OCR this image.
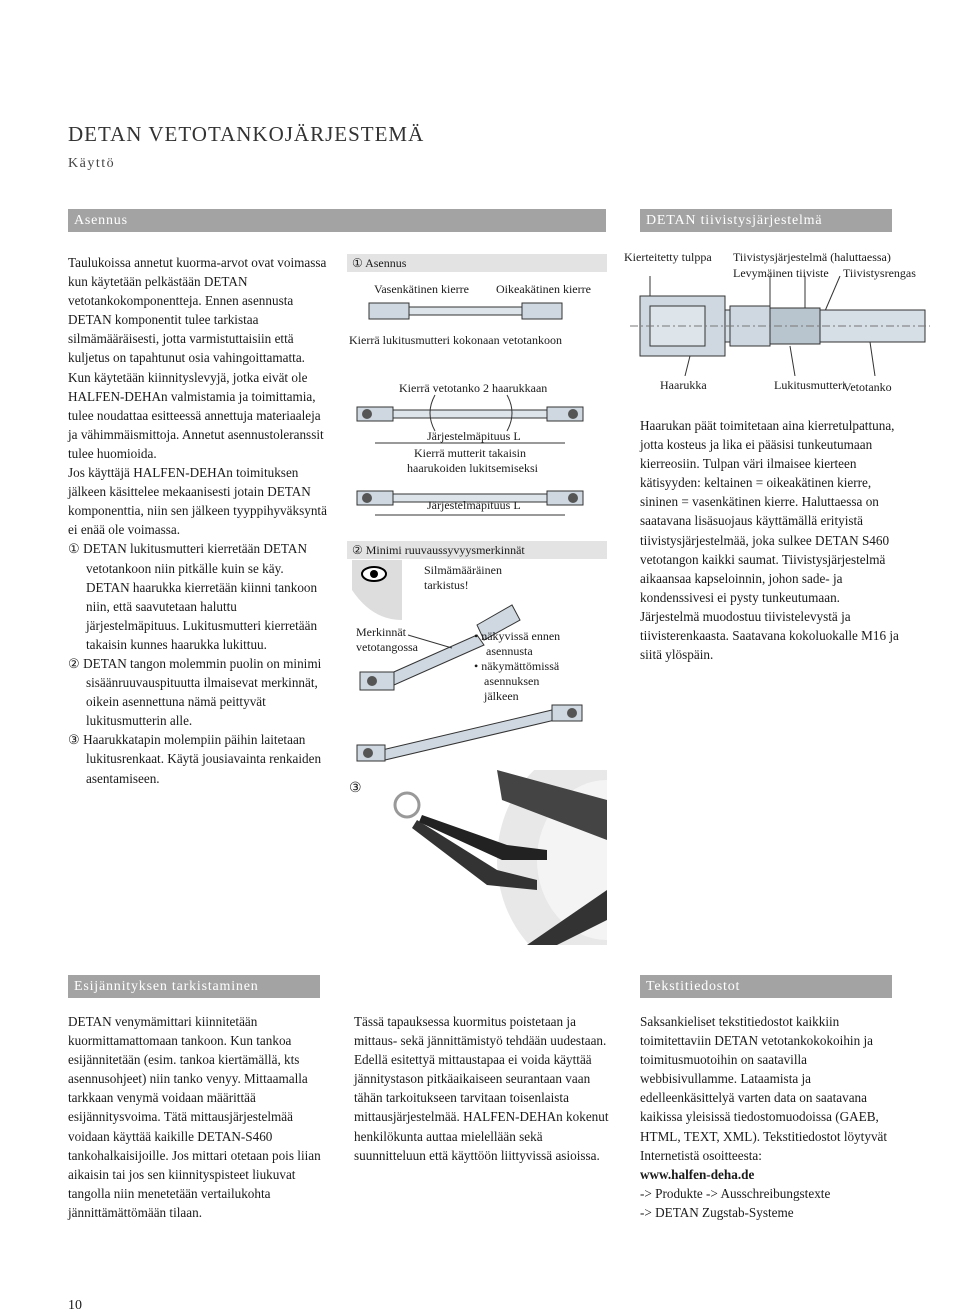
DETAN VETOTANKOJÄRJESTEMÄ
Käyttö
Asennus	DETAN tiivistysjärjestelmä

Taulukoissa annetut kuorma-arvot ovat voimassa kun käytetään pelkästään DETAN vetotankokomponentteja. Ennen asennusta DETAN komponentit tulee tarkistaa silmämääräisesti, jotta varmistuttaisiin että kuljetus on tapahtunut osia vahingoittamatta.

Kun käytetään kiinnityslevyjä, jotka eivät ole HALFEN-DEHAn valmistamia ja toimittamia, tulee noudattaa esitteessä annettuja materiaaleja ja vähimmäismittoja. Annetut asennustoleranssit tulee huomioida.

Jos käyttäjä HALFEN-DEHAn toimituksen jälkeen käsittelee mekaanisesti jotain DETAN komponenttia, niin sen jälkeen tyyppihyväksyntä ei enää ole voimassa.

① DETAN lukitusmutteri kierretään DETAN vetotankoon niin pitkälle kuin se käy. DETAN haarukka kierretään kiinni tankoon niin, että saavutetaan haluttu järjestelmäpituus. Lukitusmutteri kierretään takaisin kunnes haarukka lukittuu.

② DETAN tangon molemmin puolin on minimi sisäänruuvauspituutta ilmaisevat merkinnät, oikein asennettuna nämä peittyvät lukitusmutterin alle.

③ Haarukkatapin molempiin päihin laitetaan lukitusrenkaat. Käytä jousiavainta renkaiden asentamiseen.

① Asennus
Vasenkätinen kierre Oikeakätinen kierre
Kierrä lukitusmutteri kokonaan vetotankoon
Kierrä vetotanko 2 haarukkaan
Järjestelmäpituus L
Kierrä mutterit takaisin
haarukoiden lukitsemiseksi
Järjestelmäpituus L
② Minimi ruuvaussyvyysmerkinnät
Silmämääräinen
tarkistus!
Merkinnät
vetotangossa
• näkyvissä ennen
asennusta
• näkymättömissä
asennuksen
jälkeen
③
Kierteitetty tulppa Tiivistysjärjestelmä (haluttaessa)
Levymäinen tiiviste Tiivistysrengas
Haarukka	Lukitusmutteri
Vetotanko

Haarukan päät toimitetaan aina kierretulpattuna, jotta kosteus ja lika ei pääsisi tunkeutumaan kierreosiin. Tulpan väri ilmaisee kierteen kätisyyden: keltainen = oikeakätinen kierre, sininen = vasenkätinen kierre. Haluttaessa on saatavana lisäsuojaus käyttämällä erityistä tiivistysjärjestelmää, joka sulkee DETAN S460 vetotangon kaikki saumat. Tiivistysjärjestelmä aikaansaa kapseloinnin, johon sade- ja kondenssivesi ei pysty tunkeutumaan. Järjestelmä muodostuu tiivistelevystä ja tiivisterenkaasta. Saatavana kokoluokalle M16 ja siitä ylöspäin.

Esijännityksen tarkistaminen	Tekstitiedostot

DETAN venymämittari kiinnitetään kuormittamattomaan tankoon. Kun tankoa esijännitetään (esim. tankoa kiertämällä, kts asennusohjeet) niin tanko venyy. Mittaamalla tarkkaan venymä voidaan määrittää esijännitysvoima. Tätä mittausjärjestelmää voidaan käyttää kaikille DETAN-S460 tankohalkaisijoille. Jos mittari otetaan pois liian aikaisin tai jos sen kiinnityspisteet liukuvat tangolla niin menetetään vertailukohta jännittämättömään tilaan.

Tässä tapauksessa kuormitus poistetaan ja mittaus- sekä jännittämistyö tehdään uudestaan. Edellä esitettyä mittaustapaa ei voida käyttää jännitystason pitkäaikaiseen seurantaan vaan tähän tarkoitukseen tarvitaan toisenlaista mittausjärjestelmää. HALFEN-DEHAn kokenut henkilökunta auttaa mielellään sekä suunnitteluun että käyttöön liittyvissä asioissa.

Saksankieliset tekstitiedostot kaikkiin toimitettaviin DETAN vetotankokokoihin ja toimitusmuotoihin on saatavilla webbisivullamme. Lataamista ja edelleenkäsittelyä varten data on saatavana kaikissa yleisissä tiedostomuodoissa (GAEB, HTML, TEXT, XML). Tekstitiedostot löytyvät Internetistä osoitteesta:

www.halfen-deha.de

-> Produkte -> Ausschreibungstexte

-> DETAN Zugstab-Systeme

10
